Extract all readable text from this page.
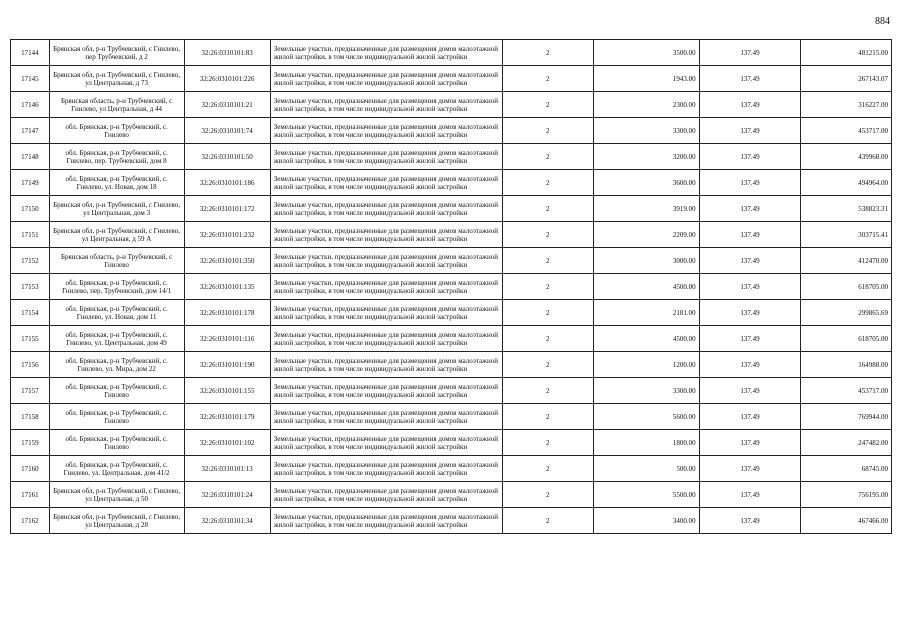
884
17144	Брянская обл, р-н Трубчевский, с Гнилево, пер Трубчевский, д 2	32:26:0310101:83	Земельные участки, предназначенные для размещения домов малоэтажной жилой застройки, в том числе индивидуальной жилой застройки	2	3500.00	137.49	481215.00
17145	Брянская обл, р-н Трубчевский, с Гнилево, ул Центральная, д 73	32:26:0310101:226	Земельные участки, предназначенные для размещения домов малоэтажной жилой застройки, в том числе индивидуальной жилой застройки	2	1943.00	137.49	267143.07
17146	Брянская область, р-н Трубчевский, с Гнилево, ул Центральная, д 44	32:26:0310101:21	Земельные участки, предназначенные для размещения домов малоэтажной жилой застройки, в том числе индивидуальной жилой застройки	2	2300.00	137.49	316227.00
17147	обл. Брянская, р-н Трубчевский, с. Гнилево	32:26:0310101:74	Земельные участки, предназначенные для размещения домов малоэтажной жилой застройки, в том числе индивидуальной жилой застройки	2	3300.00	137.49	453717.00
17148	обл. Брянская, р-н Трубчевский, с. Гнилево, пер. Трубчевский, дом 8	32:26:0310101:50	Земельные участки, предназначенные для размещения домов малоэтажной жилой застройки, в том числе индивидуальной жилой застройки	2	3200.00	137.49	439968.00
17149	обл. Брянская, р-н Трубчевский, с. Гнилево, ул. Новая, дом 18	32:26:0310101:186	Земельные участки, предназначенные для размещения домов малоэтажной жилой застройки, в том числе индивидуальной жилой застройки	2	3600.00	137.49	494964.00
17150	Брянская обл, р-н Трубчевский, с Гнилево, ул Центральная, дом 3	32:26:0310101:172	Земельные участки, предназначенные для размещения домов малоэтажной жилой застройки, в том числе индивидуальной жилой застройки	2	3919.00	137.49	538823.31
17151	Брянская обл, р-н Трубчевский, с Гнилево, ул Центральная, д 59 А	32:26:0310101:232	Земельные участки, предназначенные для размещения домов малоэтажной жилой застройки, в том числе индивидуальной жилой застройки	2	2209.00	137.49	303715.41
17152	Брянская область, р-н Трубчевский, с Гнилево	32:26:0310101:350	Земельные участки, предназначенные для размещения домов малоэтажной жилой застройки, в том числе индивидуальной жилой застройки	2	3000.00	137.49	412470.00
17153	обл. Брянская, р-н Трубчевский, с. Гнилево, пер. Трубчевский, дом 14/1	32:26:0310101:135	Земельные участки, предназначенные для размещения домов малоэтажной жилой застройки, в том числе индивидуальной жилой застройки	2	4500.00	137.49	618705.00
17154	обл. Брянская, р-н Трубчевский, с. Гнилево, ул. Новая, дом 11	32:26:0310101:178	Земельные участки, предназначенные для размещения домов малоэтажной жилой застройки, в том числе индивидуальной жилой застройки	2	2181.00	137.49	299865.69
17155	обл. Брянская, р-н Трубчевский, с. Гнилево, ул. Центральная, дом 49	32:26:0310101:116	Земельные участки, предназначенные для размещения домов малоэтажной жилой застройки, в том числе индивидуальной жилой застройки	2	4500.00	137.49	618705.00
17156	обл. Брянская, р-н Трубчевский, с. Гнилево, ул. Мира, дом 22	32:26:0310101:190	Земельные участки, предназначенные для размещения домов малоэтажной жилой застройки, в том числе индивидуальной жилой застройки	2	1200.00	137.49	164988.00
17157	обл. Брянская, р-н Трубчевский, с. Гнилево	32:26:0310101:155	Земельные участки, предназначенные для размещения домов малоэтажной жилой застройки, в том числе индивидуальной жилой застройки	2	3300.00	137.49	453717.00
17158	обл. Брянская, р-н Трубчевский, с. Гнилево	32:26:0310101:179	Земельные участки, предназначенные для размещения домов малоэтажной жилой застройки, в том числе индивидуальной жилой застройки	2	5600.00	137.49	769944.00
17159	обл. Брянская, р-н Трубчевский, с. Гнилево	32:26:0310101:102	Земельные участки, предназначенные для размещения домов малоэтажной жилой застройки, в том числе индивидуальной жилой застройки	2	1800.00	137.49	247482.00
17160	обл. Брянская, р-н Трубчевский, с. Гнилево, ул. Центральная, дом 41/2	32:26:0310101:13	Земельные участки, предназначенные для размещения домов малоэтажной жилой застройки, в том числе индивидуальной жилой застройки	2	500.00	137.49	68745.00
17161	Брянская обл, р-н Трубчевский, с Гнилево, ул Центральная, д 50	32:26:0310101:24	Земельные участки, предназначенные для размещения домов малоэтажной жилой застройки, в том числе индивидуальной жилой застройки	2	5500.00	137.49	756195.00
17162	Брянская обл, р-н Трубчевский, с Гнилево, ул Центральная, д 28	32:26:0310101:34	Земельные участки, предназначенные для размещения домов малоэтажной жилой застройки, в том числе индивидуальной жилой застройки	2	3400.00	137.49	467466.00
